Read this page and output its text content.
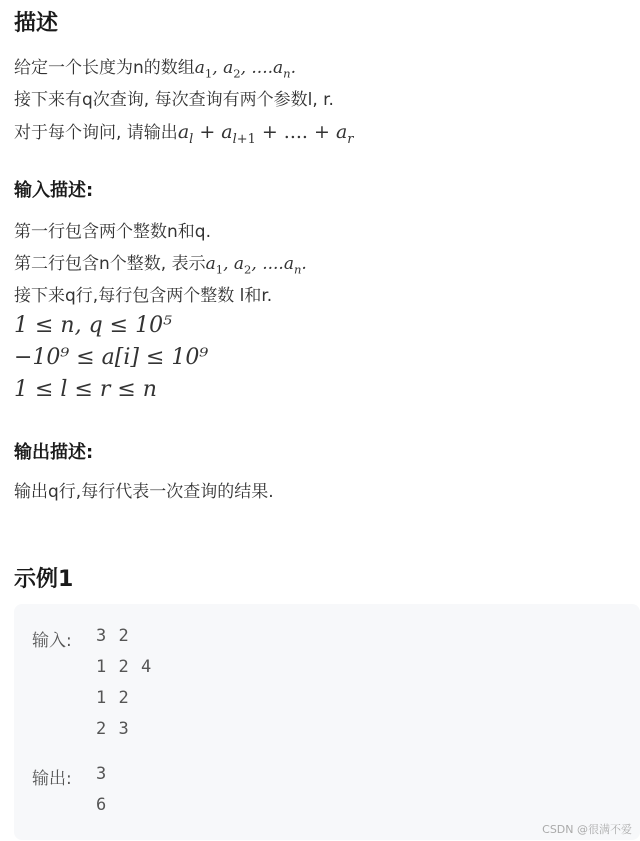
描述

给定一个长度为n的数组$a_1$, $a_2$, $....a_n$.

接下来有q次查询, 每次查询有两个参数l, r.

对于每个询问, 请输出$a_l + a_{l+1}$ + .... + $a_r$

输入描述:

第一行包含两个整数n和q.

第二行包含n个整数, 表示$a_1$, $a_2$, $....a_n$.

接下来q行,每行包含两个整数 l和r.

1 ≤ n, q ≤ 10⁵

−10⁹ ≤ a[i] ≤ 10⁹

1 ≤ l ≤ r ≤ n

输出描述:

输出q行,每行代表一次查询的结果.

示例1
输入: 3 2
1 2 4
1 2
2 3
输出: 3
6
CSDN @很满不爱
